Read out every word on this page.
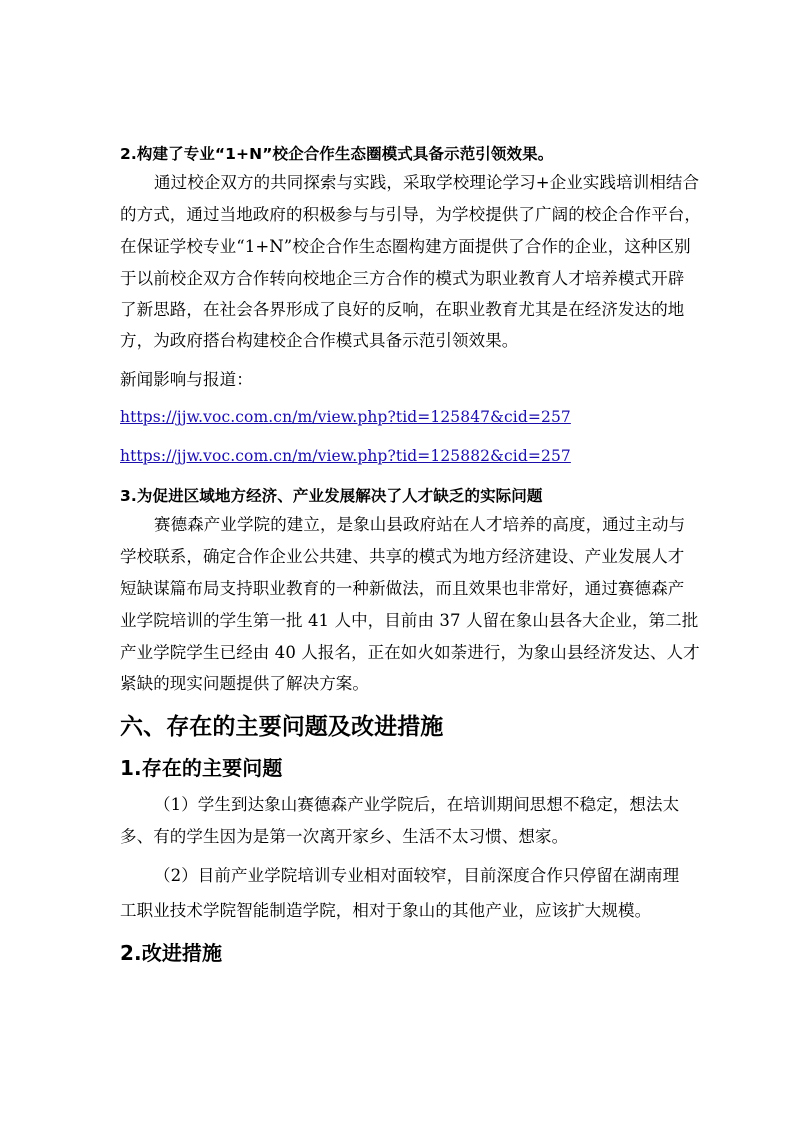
2.构建了专业“1+N”校企合作生态圈模式具备示范引领效果。

通过校企双方的共同探索与实践，采取学校理论学习+企业实践培训相结合

的方式，通过当地政府的积极参与与引导，为学校提供了广阔的校企合作平台，

在保证学校专业“1+N”校企合作生态圈构建方面提供了合作的企业，这种区别

于以前校企双方合作转向校地企三方合作的模式为职业教育人才培养模式开辟

了新思路，在社会各界形成了良好的反响，在职业教育尤其是在经济发达的地

方，为政府搭台构建校企合作模式具备示范引领效果。

新闻影响与报道：

https://jjw.voc.com.cn/m/view.php?tid=125847&cid=257
https://jjw.voc.com.cn/m/view.php?tid=125882&cid=257

3.为促进区域地方经济、产业发展解决了人才缺乏的实际问题

赛德森产业学院的建立，是象山县政府站在人才培养的高度，通过主动与

学校联系，确定合作企业公共建、共享的模式为地方经济建设、产业发展人才

短缺谋篇布局支持职业教育的一种新做法，而且效果也非常好，通过赛德森产

业学院培训的学生第一批 41 人中，目前由 37 人留在象山县各大企业，第二批

产业学院学生已经由 40 人报名，正在如火如荼进行，为象山县经济发达、人才

紧缺的现实问题提供了解决方案。

六、存在的主要问题及改进措施

1.存在的主要问题

（1）学生到达象山赛德森产业学院后，在培训期间思想不稳定，想法太

多、有的学生因为是第一次离开家乡、生活不太习惯、想家。

（2）目前产业学院培训专业相对面较窄，目前深度合作只停留在湖南理

工职业技术学院智能制造学院，相对于象山的其他产业，应该扩大规模。

2.改进措施
